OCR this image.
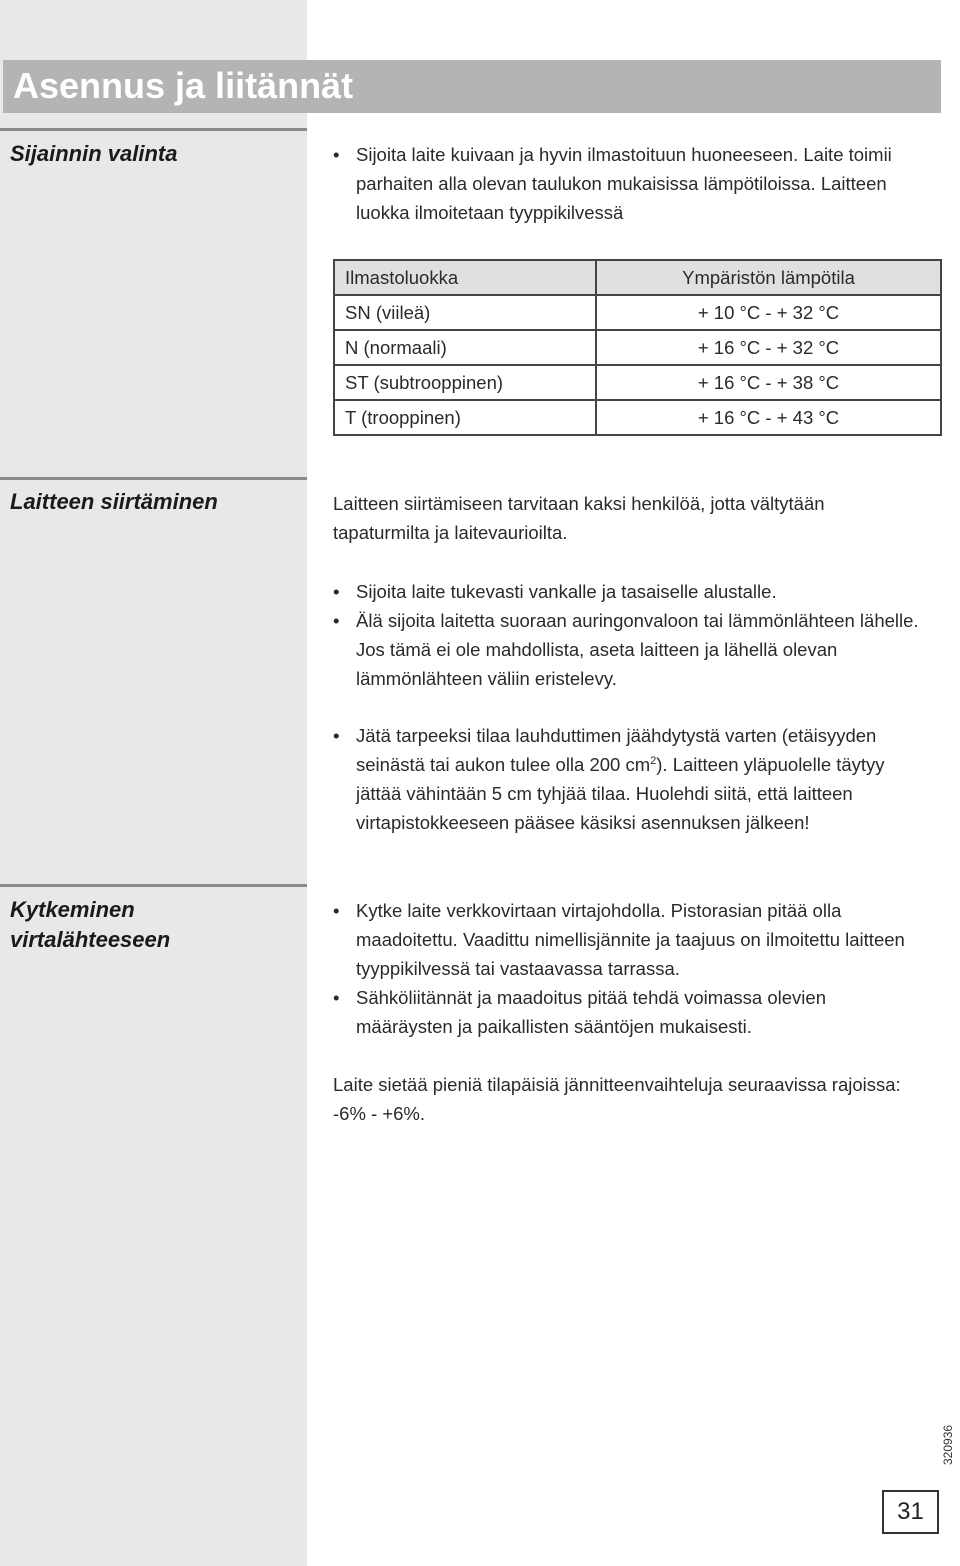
Asennus ja liitännät
Sijainnin valinta	• Sijoita laite kuivaan ja hyvin ilmastoituun huoneeseen. Laite toimii parhaiten alla olevan taulukon mukaisissa lämpötiloissa. Laitteen luokka ilmoitetaan tyyppikilvessä
Ilmastoluokka	Ympäristön lämpötila
SN (viileä)	+ 10 °C - + 32 °C
N (normaali)	+ 16 °C - + 32 °C
ST (subtrooppinen)	+ 16 °C - + 38 °C
T (trooppinen)	+ 16 °C - + 43 °C
Laitteen siirtäminen	Laitteen siirtämiseen tarvitaan kaksi henkilöä, jotta vältytään tapaturmilta ja laitevaurioilta.

• Sijoita laite tukevasti vankalle ja tasaiselle alustalle.
• Älä sijoita laitetta suoraan auringonvaloon tai lämmönlähteen lähelle. Jos tämä ei ole mahdollista, aseta laitteen ja lähellä olevan lämmönlähteen väliin eristelevy.
• Jätä tarpeeksi tilaa lauhduttimen jäähdytystä varten (etäisyyden seinästä tai aukon tulee olla 200 $cm^2$). Laitteen yläpuolelle täytyy jättää vähintään 5 cm tyhjää tilaa. Huolehdi siitä, että laitteen virtapistokkeeseen pääsee käsiksi asennuksen jälkeen!
Kytkeminen
virtalähteeseen
• Kytke laite verkkovirtaan virtajohdolla. Pistorasian pitää olla maadoitettu. Vaadittu nimellisjännite ja taajuus on ilmoitettu laitteen tyyppikilvessä tai vastaavassa tarrassa.
• Sähköliitännät ja maadoitus pitää tehdä voimassa olevien määräysten ja paikallisten sääntöjen mukaisesti.

Laite sietää pieniä tilapäisiä jännitteenvaihteluja seuraavissa rajoissa: -6% - +6%.

320936
31
